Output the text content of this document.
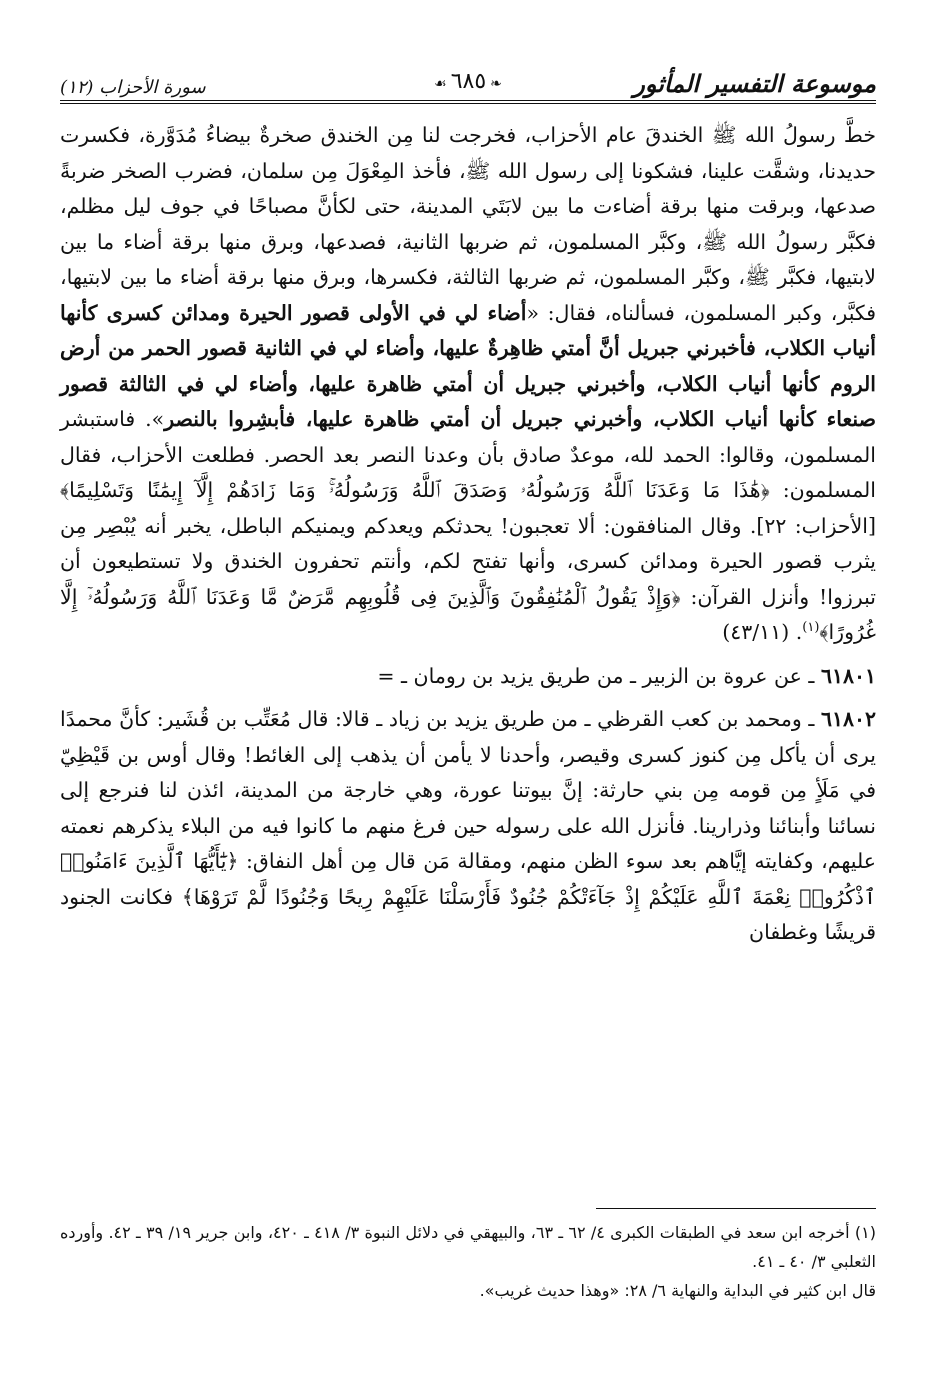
موسوعة التفسير المأثور
❧٦٨٥☙
سورة الأحزاب (١٢)

خطَّ رسولُ الله ﷺ الخندقَ عام الأحزاب، فخرجت لنا مِن الخندق صخرةٌ بيضاءُ مُدَوَّرة، فكسرت حديدنا، وشقَّت علينا، فشكونا إلى رسول الله ﷺ، فأخذ المِعْوَلَ مِن سلمان، فضرب الصخر ضربةً صدعها، وبرقت منها برقة أضاءت ما بين لابَتَي المدينة، حتى لكأنَّ مصباحًا في جوف ليل مظلم، فكبَّر رسولُ الله ﷺ، وكبَّر المسلمون، ثم ضربها الثانية، فصدعها، وبرق منها برقة أضاء ما بين لابتيها، فكبَّر ﷺ، وكبَّر المسلمون، ثم ضربها الثالثة، فكسرها، وبرق منها برقة أضاء ما بين لابتيها، فكبَّر، وكبر المسلمون، فسألناه، فقال: «أضاء لي في الأولى قصور الحيرة ومدائن كسرى كأنها أنياب الكلاب، فأخبرني جبريل أنَّ أمتي ظاهِرةٌ عليها، وأضاء لي في الثانية قصور الحمر من أرض الروم كأنها أنياب الكلاب، وأخبرني جبريل أن أمتي ظاهرة عليها، وأضاء لي في الثالثة قصور صنعاء كأنها أنياب الكلاب، وأخبرني جبريل أن أمتي ظاهرة عليها، فأبشِروا بالنصر». فاستبشر المسلمون، وقالوا: الحمد لله، موعدٌ صادق بأن وعدنا النصر بعد الحصر. فطلعت الأحزاب، فقال المسلمون: ﴿هَٰذَا مَا وَعَدَنَا ٱللَّهُ وَرَسُولُهُۥ وَصَدَقَ ٱللَّهُ وَرَسُولُهُۥۚ وَمَا زَادَهُمْ إِلَّآ إِيمَٰنًا وَتَسْلِيمًا﴾ [الأحزاب: ٢٢]. وقال المنافقون: ألا تعجبون! يحدثكم ويعدكم ويمنيكم الباطل، يخبر أنه يُبْصِر مِن يثرب قصور الحيرة ومدائن كسرى، وأنها تفتح لكم، وأنتم تحفرون الخندق ولا تستطيعون أن تبرزوا! وأنزل القرآن: ﴿وَإِذْ يَقُولُ ٱلْمُنَٰفِقُونَ وَٱلَّذِينَ فِى قُلُوبِهِم مَّرَضٌ مَّا وَعَدَنَا ٱللَّهُ وَرَسُولُهُۥٓ إِلَّا غُرُورًا﴾$^{(١)}$. (٤٣/١١)

٦١٨٠١ ـ عن عروة بن الزبير ـ من طريق يزيد بن رومان ـ =

٦١٨٠٢ ـ ومحمد بن كعب القرظي ـ من طريق يزيد بن زياد ـ قالا: قال مُعَتِّب بن قُشَير: كأنَّ محمدًا يرى أن يأكل مِن كنوز كسرى وقيصر، وأحدنا لا يأمن أن يذهب إلى الغائط! وقال أوس بن قَيْظِيّ في مَلَأٍ مِن قومه مِن بني حارثة: إنَّ بيوتنا عورة، وهي خارجة من المدينة، ائذن لنا فنرجع إلى نسائنا وأبنائنا وذرارينا. فأنزل الله على رسوله حين فرغ منهم ما كانوا فيه من البلاء يذكرهم نعمته عليهم، وكفايته إيَّاهم بعد سوء الظن منهم، ومقالة مَن قال مِن أهل النفاق: ﴿يَٰٓأَيُّهَا ٱلَّذِينَ ءَامَنُوا۟ ٱذْكُرُوا۟ نِعْمَةَ ٱللَّهِ عَلَيْكُمْ إِذْ جَآءَتْكُمْ جُنُودٌ فَأَرْسَلْنَا عَلَيْهِمْ رِيحًا وَجُنُودًا لَّمْ تَرَوْهَا﴾ فكانت الجنود قريشًا وغطفان

(١) أخرجه ابن سعد في الطبقات الكبرى ٤/ ٦٢ ـ ٦٣، والبيهقي في دلائل النبوة ٣/ ٤١٨ ـ ٤٢٠، وابن جرير ١٩/ ٣٩ ـ ٤٢. وأورده الثعلبي ٣/ ٤٠ ـ ٤١.

قال ابن كثير في البداية والنهاية ٦/ ٢٨: «وهذا حديث غريب».
